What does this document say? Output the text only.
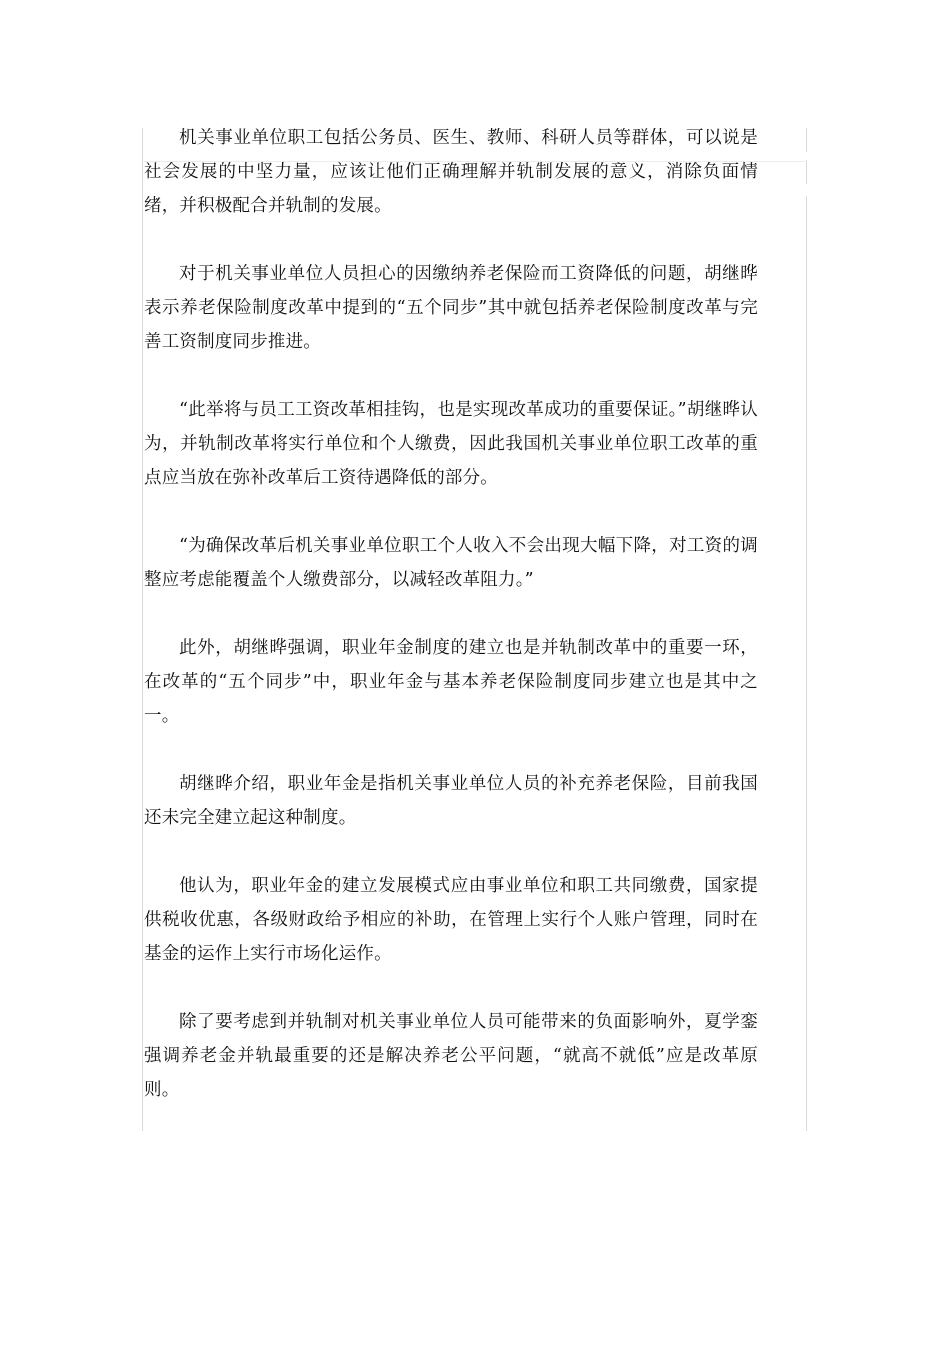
机关事业单位职工包括公务员、医生、教师、科研人员等群体，可以说是社会发展的中坚力量，应该让他们正确理解并轨制发展的意义，消除负面情绪，并积极配合并轨制的发展。

对于机关事业单位人员担心的因缴纳养老保险而工资降低的问题，胡继晔表示养老保险制度改革中提到的“五个同步”其中就包括养老保险制度改革与完善工资制度同步推进。

“此举将与员工工资改革相挂钩，也是实现改革成功的重要保证。”胡继晔认为，并轨制改革将实行单位和个人缴费，因此我国机关事业单位职工改革的重点应当放在弥补改革后工资待遇降低的部分。

“为确保改革后机关事业单位职工个人收入不会出现大幅下降，对工资的调整应考虑能覆盖个人缴费部分，以减轻改革阻力。”

此外，胡继晔强调，职业年金制度的建立也是并轨制改革中的重要一环，在改革的“五个同步”中，职业年金与基本养老保险制度同步建立也是其中之一。

胡继晔介绍，职业年金是指机关事业单位人员的补充养老保险，目前我国还未完全建立起这种制度。

他认为，职业年金的建立发展模式应由事业单位和职工共同缴费，国家提供税收优惠，各级财政给予相应的补助，在管理上实行个人账户管理，同时在基金的运作上实行市场化运作。

除了要考虑到并轨制对机关事业单位人员可能带来的负面影响外，夏学銮强调养老金并轨最重要的还是解决养老公平问题，“就高不就低”应是改革原则。
